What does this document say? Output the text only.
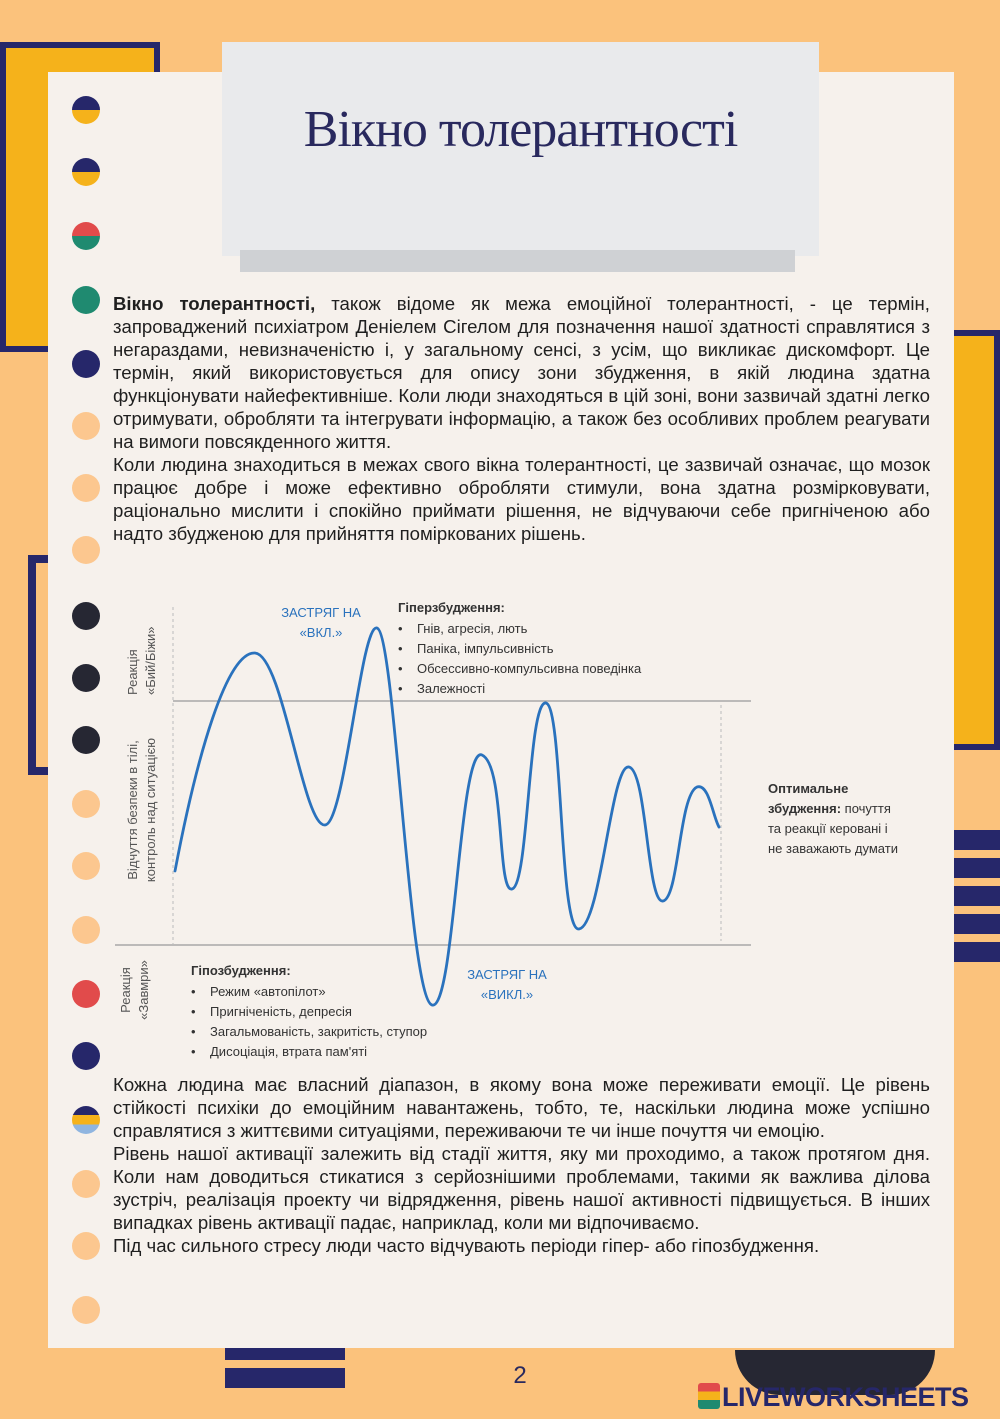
Вікно толерантності

Вікно толерантності, також відоме як межа емоційної толерантності, - це термін, запроваджений психіатром Деніелем Сігелом для позначення нашої здатності справлятися з негараздами, невизначеністю і, у загальному сенсі, з усім, що викликає дискомфорт. Це термін, який використовується для опису зони збудження, в якій людина здатна функціонувати найефективніше. Коли люди знаходяться в цій зоні, вони зазвичай здатні легко отримувати, обробляти та інтегрувати інформацію, а також без особливих проблем реагувати на вимоги повсякденного життя.

Коли людина знаходиться в межах свого вікна толерантності, це зазвичай означає, що мозок працює добре і може ефективно обробляти стимули, вона здатна розмірковувати, раціонально мислити і спокійно приймати рішення, не відчуваючи себе пригніченою або надто збудженою для прийняття поміркованих рішень.

Реакція «Бий/Біжи»
Відчуття безпеки в тілі, контроль над ситуацією
Реакція «Завмри»
ЗАСТРЯГ НА
«ВКЛ.»
ЗАСТРЯГ НА
«ВИКЛ.»
Гіперзбудження:
• Гнів, агресія, лють
• Паніка, імпульсивність
• Обсесcивно-компульсивна поведінка
• Залежності
Гіпозбудження:
• Режим «автопілот»
• Пригніченість, депресія
• Загальмованість, закритість, ступор
• Дисоціація, втрата пам'яті
Оптимальне
збудження: почуття
та реакції керовані і
не заважають думати

Кожна людина має власний діапазон, в якому вона може переживати емоції. Це рівень стійкості психіки до емоційним навантажень, тобто, те, наскільки людина може успішно справлятися з життєвими ситуаціями, переживаючи те чи інше почуття чи емоцію.

Рівень нашої активації залежить від стадії життя, яку ми проходимо, а також протягом дня. Коли нам доводиться стикатися з серйознішими проблемами, такими як важлива ділова зустріч, реалізація проекту чи відрядження, рівень нашої активності підвищується. В інших випадках рівень активації падає, наприклад, коли ми відпочиваємо.

Під час сильного стресу люди часто відчувають періоди гіпер- або гіпозбудження.

2
LIVEWORKSHEETS
